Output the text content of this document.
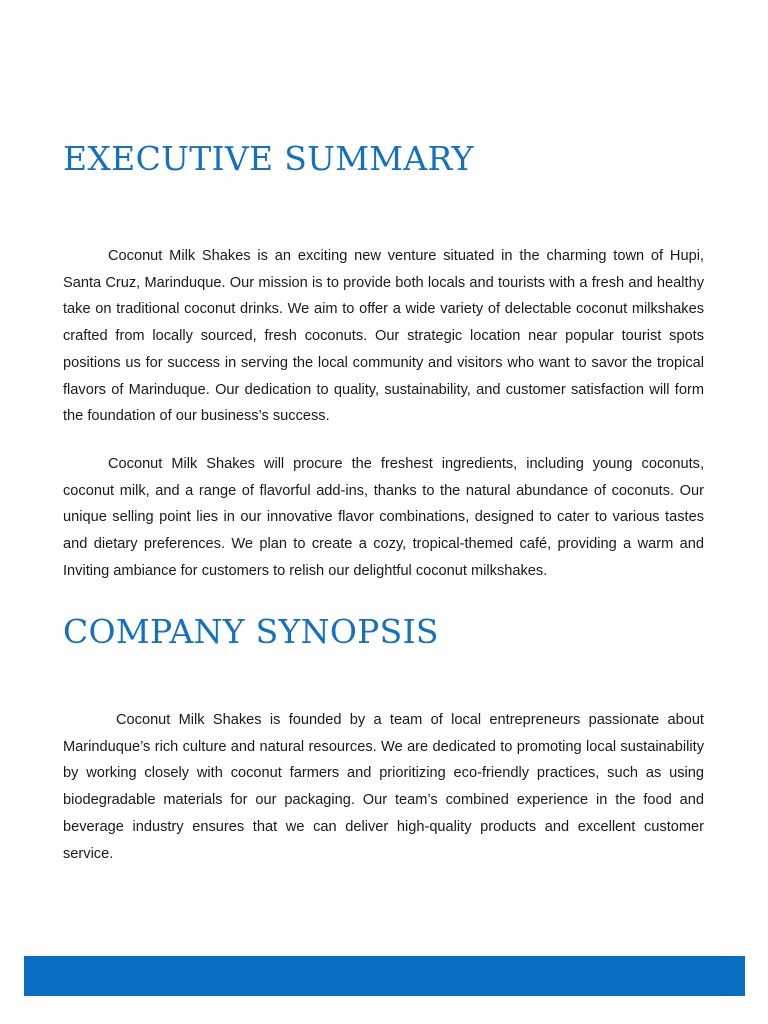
EXECUTIVE SUMMARY

Coconut Milk Shakes is an exciting new venture situated in the charming town of Hupi, Santa Cruz, Marinduque. Our mission is to provide both locals and tourists with a fresh and healthy take on traditional coconut drinks. We aim to offer a wide variety of delectable coconut milkshakes crafted from locally sourced, fresh coconuts. Our strategic location near popular tourist spots positions us for success in serving the local community and visitors who want to savor the tropical flavors of Marinduque. Our dedication to quality, sustainability, and customer satisfaction will form the foundation of our business’s success.

Coconut Milk Shakes will procure the freshest ingredients, including young coconuts, coconut milk, and a range of flavorful add-ins, thanks to the natural abundance of coconuts. Our unique selling point lies in our innovative flavor combinations, designed to cater to various tastes and dietary preferences. We plan to create a cozy, tropical-themed café, providing a warm and Inviting ambiance for customers to relish our delightful coconut milkshakes.

COMPANY SYNOPSIS

Coconut Milk Shakes is founded by a team of local entrepreneurs passionate about Marinduque’s rich culture and natural resources. We are dedicated to promoting local sustainability by working closely with coconut farmers and prioritizing eco-friendly practices, such as using biodegradable materials for our packaging. Our team’s combined experience in the food and beverage industry ensures that we can deliver high-quality products and excellent customer service.
